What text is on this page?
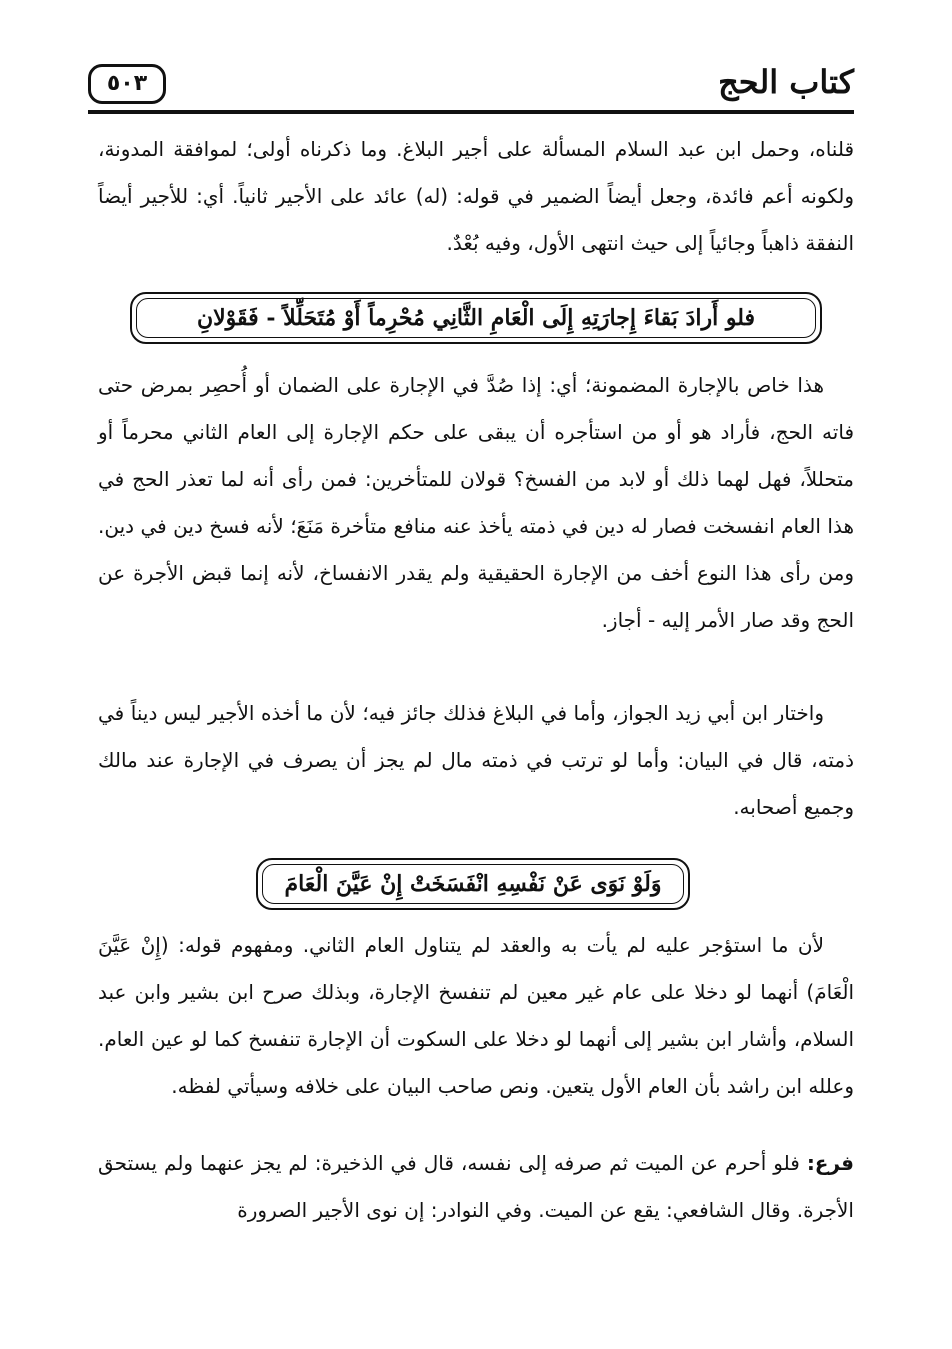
كتاب الحج
٥٠٣

قلناه، وحمل ابن عبد السلام المسألة على أجير البلاغ. وما ذكرناه أولى؛ لموافقة المدونة، ولكونه أعم فائدة، وجعل أيضاً الضمير في قوله: (له) عائد على الأجير ثانياً. أي: للأجير أيضاً النفقة ذاهباً وجائياً إلى حيث انتهى الأول، وفيه بُعْدٌ.

فلو أَرادَ بَقاءَ إِجارَتِهِ إِلَى الْعَامِ الثَّانِي مُحْرِماً أَوْ مُتَحَلِّلاً - فَقَوْلانِ

هذا خاص بالإجارة المضمونة؛ أي: إذا صُدَّ في الإجارة على الضمان أو أُحصِر بمرض حتى فاته الحج، فأراد هو أو من استأجره أن يبقى على حكم الإجارة إلى العام الثاني محرماً أو متحللاً، فهل لهما ذلك أو لابد من الفسخ؟ قولان للمتأخرين: فمن رأى أنه لما تعذر الحج في هذا العام انفسخت فصار له دين في ذمته يأخذ عنه منافع متأخرة مَنَعَ؛ لأنه فسخ دين في دين. ومن رأى هذا النوع أخف من الإجارة الحقيقية ولم يقدر الانفساخ، لأنه إنما قبض الأجرة عن الحج وقد صار الأمر إليه - أجاز.

واختار ابن أبي زيد الجواز، وأما في البلاغ فذلك جائز فيه؛ لأن ما أخذه الأجير ليس ديناً في ذمته، قال في البيان: وأما لو ترتب في ذمته مال لم يجز أن يصرف في الإجارة عند مالك وجميع أصحابه.

وَلَوْ نَوَى عَنْ نَفْسِهِ انْفَسَخَتْ إِنْ عَيَّنَ الْعَامَ

لأن ما استؤجر عليه لم يأت به والعقد لم يتناول العام الثاني. ومفهوم قوله: (إِنْ عَيَّنَ الْعَامَ) أنهما لو دخلا على عام غير معين لم تنفسخ الإجارة، وبذلك صرح ابن بشير وابن عبد السلام، وأشار ابن بشير إلى أنهما لو دخلا على السكوت أن الإجارة تنفسخ كما لو عين العام. وعلله ابن راشد بأن العام الأول يتعين. ونص صاحب البيان على خلافه وسيأتي لفظه.

فرع: فلو أحرم عن الميت ثم صرفه إلى نفسه، قال في الذخيرة: لم يجز عنهما ولم يستحق الأجرة. وقال الشافعي: يقع عن الميت. وفي النوادر: إن نوى الأجير الصرورة
